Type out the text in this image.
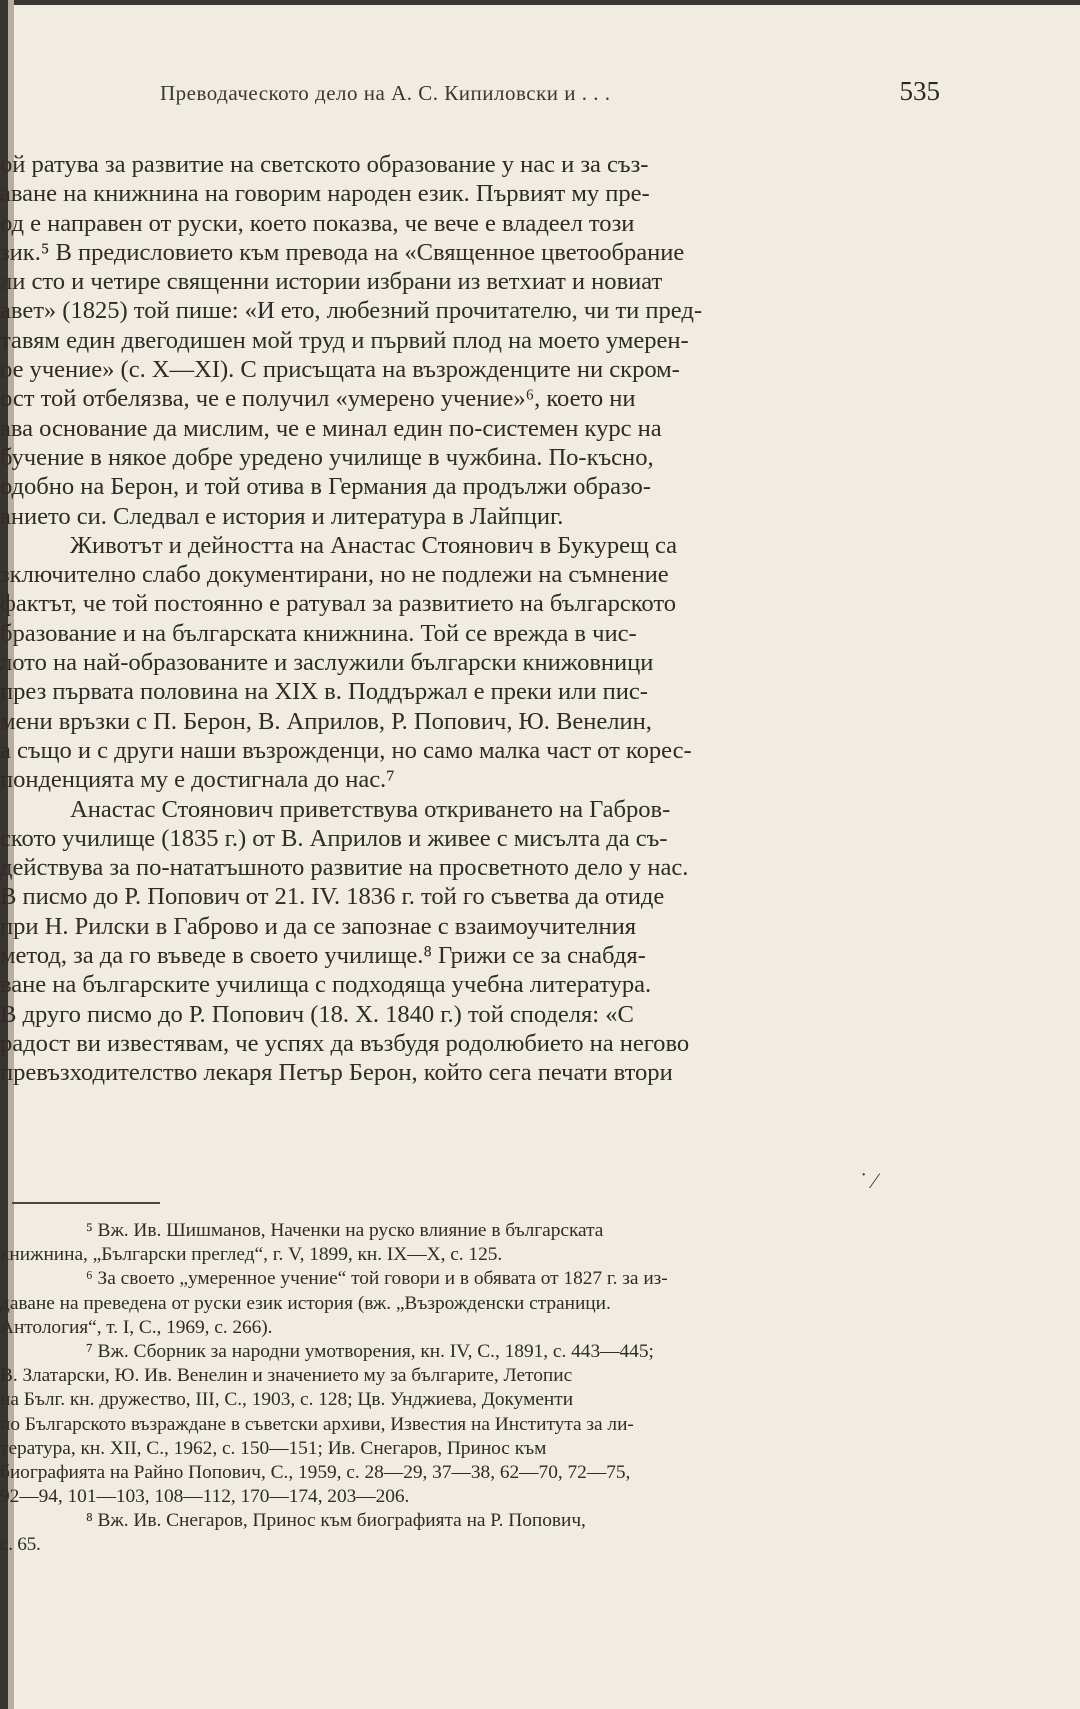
Преводаческото дело на А. С. Кипиловски и . . .	535
ой ратува за развитие на светското образование у нас и за съз-
аване на книжнина на говорим народен език. Първият му пре-
од е направен от руски, което показва, че вече е владеел този
зик.⁵ В предисловието към превода на «Священное цветообрание
ли сто и четире священни истории избрани из ветхиат и новиат
авет» (1825) той пише: «И ето, любезний прочитателю, чи ти пред-
тавям един двегодишен мой труд и първий плод на моето умерен-
ое учение» (с. X—XI). С присъщата на възрожденците ни скром-
ост той отбелязва, че е получил «умерено учение»⁶, което ни
ава основание да мислим, че е минал един по-системен курс на
бучение в някое добре уредено училище в чужбина. По-късно,
одобно на Берон, и той отива в Германия да продължи образо-
анието си. Следвал е история и литература в Лайпциг.
Животът и дейността на Анастас Стоянович в Букурещ са
зключително слабо документирани, но не подлежи на съмнение
фактът, че той постоянно е ратувал за развитието на българското
бразование и на българската книжнина. Той се врежда в чис-
лото на най-образованите и заслужили български книжовници
през първата половина на XIX в. Поддържал е преки или пис-
мени връзки с П. Берон, В. Априлов, Р. Попович, Ю. Венелин,
а също и с други наши възрожденци, но само малка част от корес-
понденцията му е достигнала до нас.⁷
Анастас Стоянович приветствува откриването на Габров-
ското училище (1835 г.) от В. Априлов и живее с мисълта да съ-
действува за по-нататъшното развитие на просветното дело у нас.
В писмо до Р. Попович от 21. IV. 1836 г. той го съветва да отиде
при Н. Рилски в Габрово и да се запознае с взаимоучителния
метод, за да го въведе в своето училище.⁸ Грижи се за снабдя-
ване на българските училища с подходяща учебна литература.
В друго писмо до Р. Попович (18. X. 1840 г.) той споделя: «С
радост ви известявам, че успях да възбудя родолюбието на негово
превъзходителство лекаря Петър Берон, който сега печати втори
˙ ⁄
⁵ Вж. Ив. Шишманов, Наченки на руско влияние в българската
книжнина, „Български преглед“, г. V, 1899, кн. IX—X, с. 125.
⁶ За своето „умеренное учение“ той говори и в обявата от 1827 г. за из-
даване на преведена от руски език история (вж. „Възрожденски страници.
Антология“, т. I, С., 1969, с. 266).
⁷ Вж. Сборник за народни умотворения, кн. IV, С., 1891, с. 443—445;
В. Златарски, Ю. Ив. Венелин и значението му за българите, Летопис
на Бълг. кн. дружество, III, С., 1903, с. 128; Цв. Унджиева, Документи
по Българското възраждане в съветски архиви, Известия на Института за ли-
тература, кн. XII, С., 1962, с. 150—151; Ив. Снегаров, Принос към
биографията на Райно Попович, С., 1959, с. 28—29, 37—38, 62—70, 72—75,
92—94, 101—103, 108—112, 170—174, 203—206.
⁸ Вж. Ив. Снегаров, Принос към биографията на Р. Попович,
с. 65.
